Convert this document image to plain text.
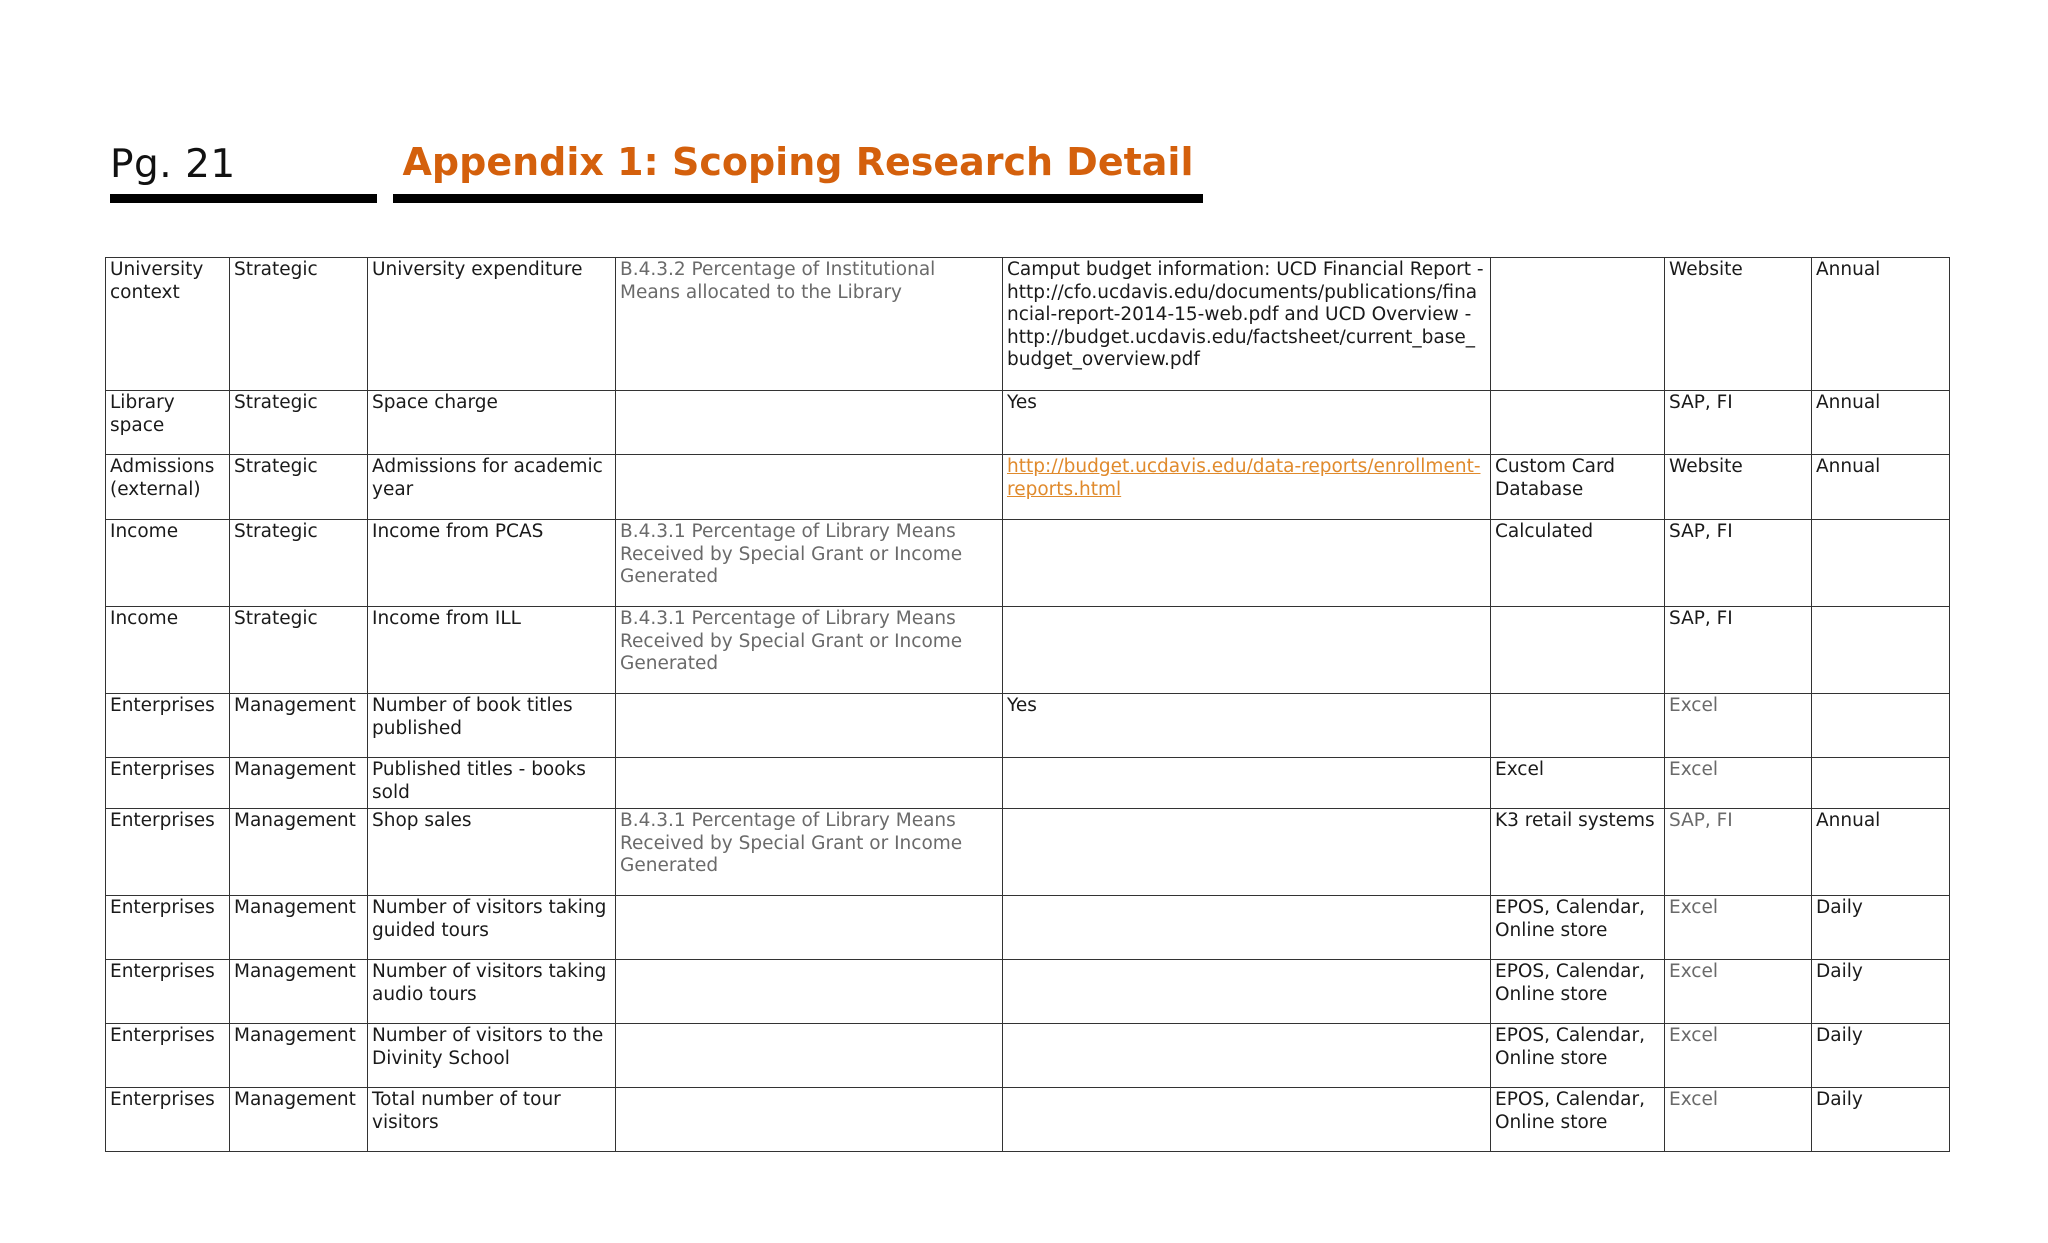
Pg. 21	Appendix 1: Scoping Research Detail
University context	Strategic	University expenditure	B.4.3.2 Percentage of Institutional Means allocated to the Library	Camput budget information: UCD Financial Report - http://cfo.ucdavis.edu/documents/publications/financial-report-2014-15-web.pdf and UCD Overview - http://budget.ucdavis.edu/factsheet/current_base_budget_overview.pdf		Website	Annual
Library space	Strategic	Space charge		Yes		SAP, FI	Annual
Admissions (external)	Strategic	Admissions for academic year		http://budget.ucdavis.edu/data-reports/enrollment-reports.html	Custom Card Database	Website	Annual
Income	Strategic	Income from PCAS	B.4.3.1 Percentage of Library Means Received by Special Grant or Income Generated		Calculated	SAP, FI	
Income	Strategic	Income from ILL	B.4.3.1 Percentage of Library Means Received by Special Grant or Income Generated			SAP, FI	
Enterprises	Management	Number of book titles published		Yes		Excel	
Enterprises	Management	Published titles - books sold			Excel	Excel	
Enterprises	Management	Shop sales	B.4.3.1 Percentage of Library Means Received by Special Grant or Income Generated		K3 retail systems	SAP, FI	Annual
Enterprises	Management	Number of visitors taking guided tours			EPOS, Calendar, Online store	Excel	Daily
Enterprises	Management	Number of visitors taking audio tours			EPOS, Calendar, Online store	Excel	Daily
Enterprises	Management	Number of visitors to the Divinity School			EPOS, Calendar, Online store	Excel	Daily
Enterprises	Management	Total number of tour visitors			EPOS, Calendar, Online store	Excel	Daily
